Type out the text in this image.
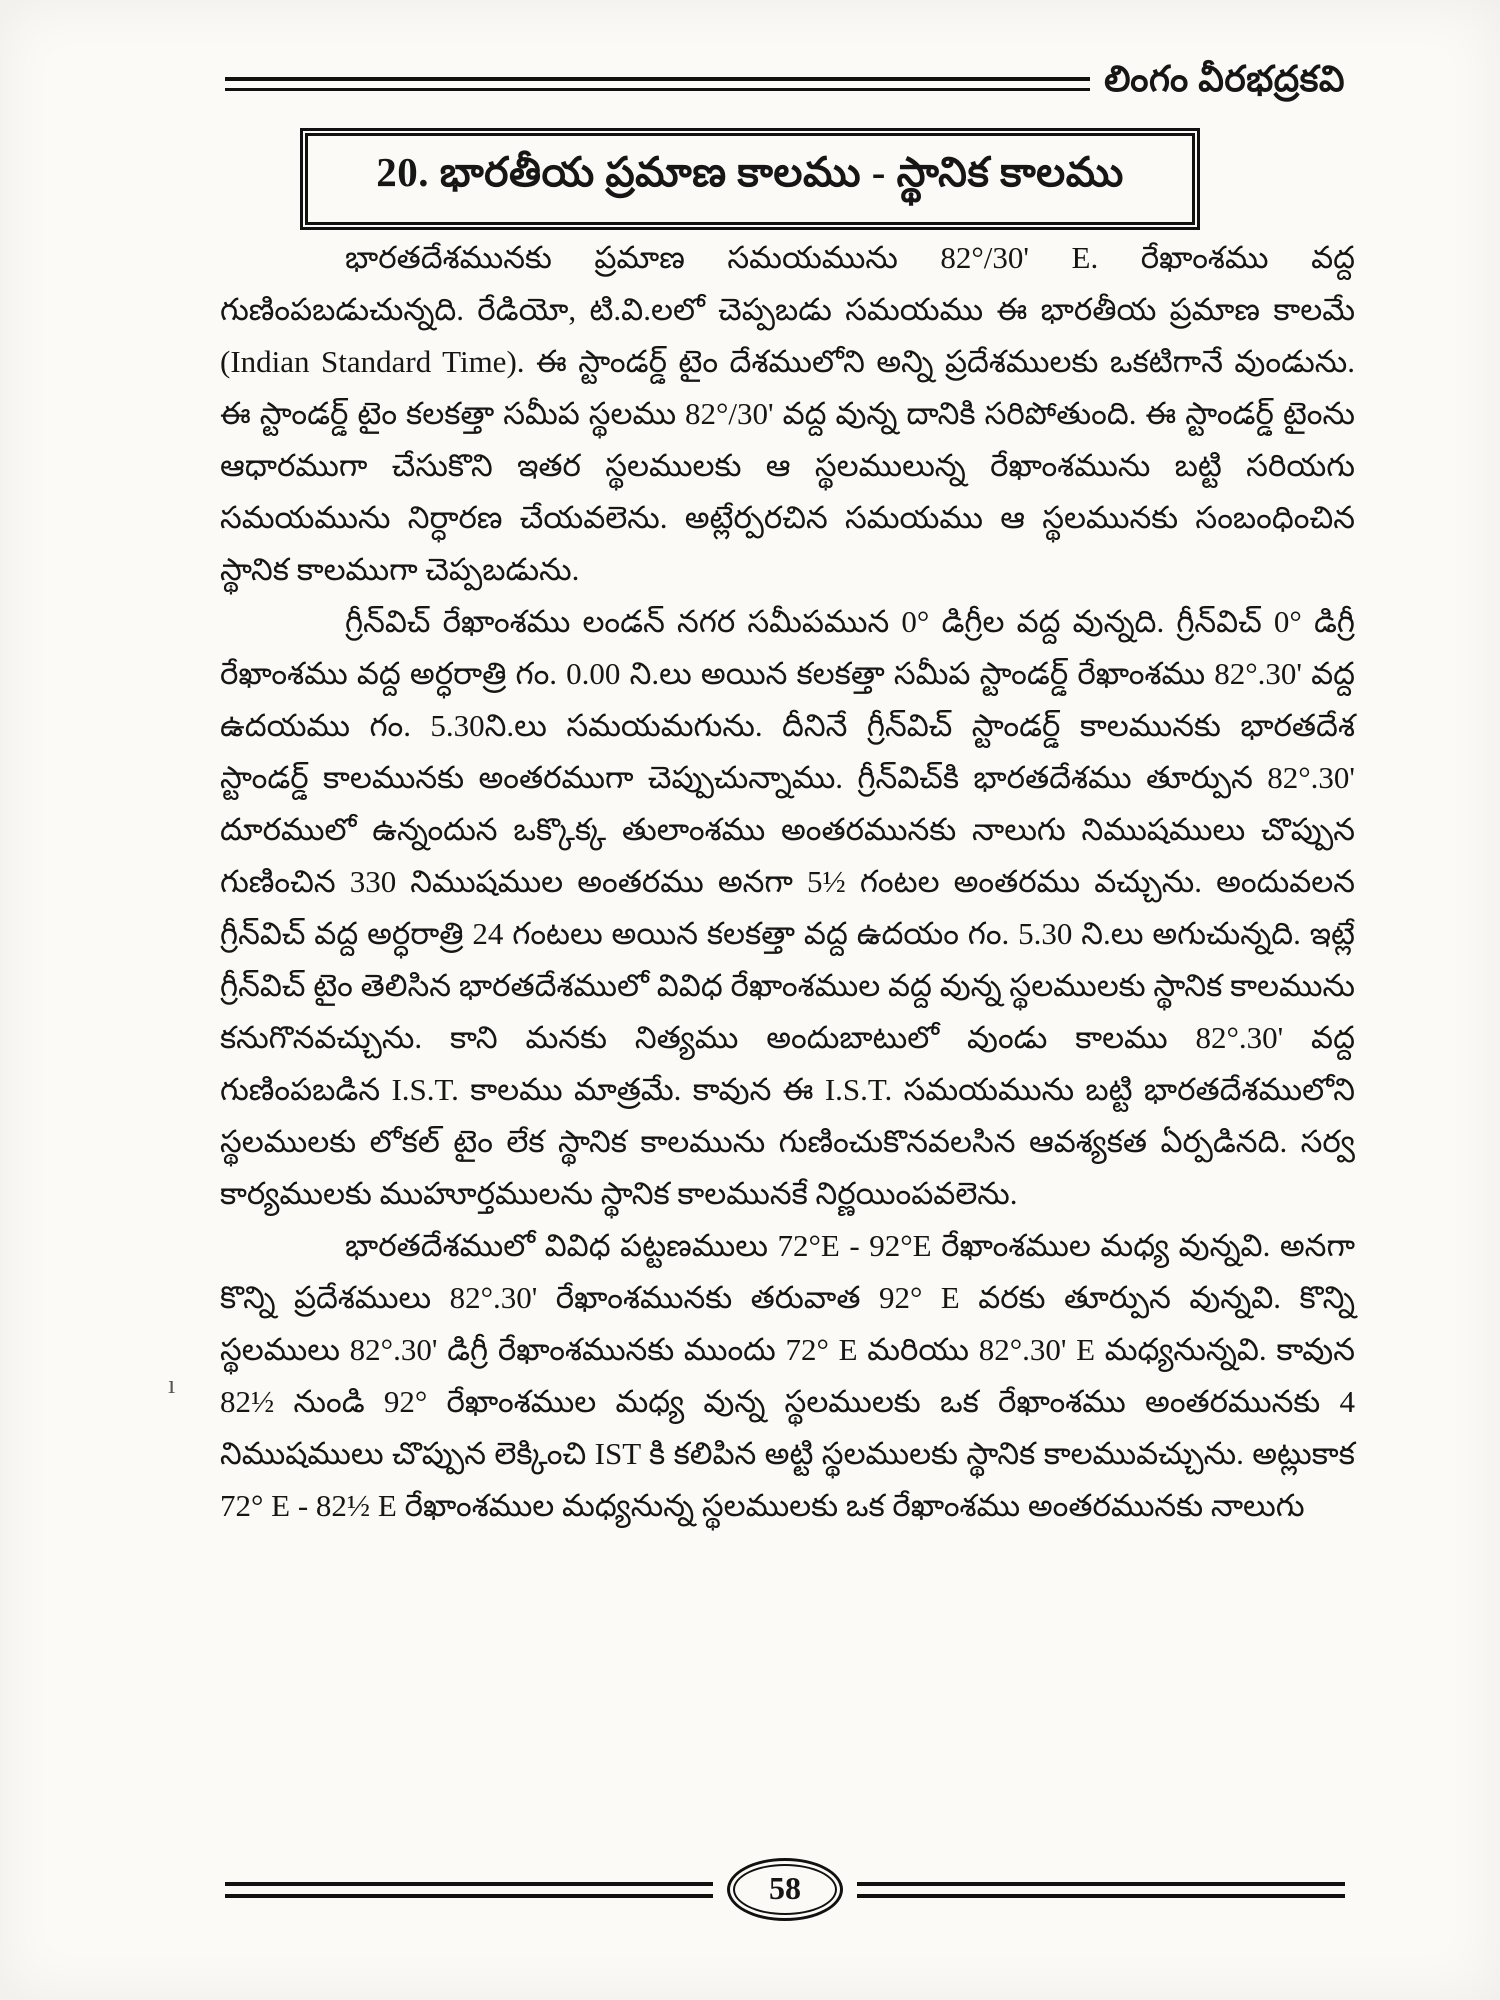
లింగం వీరభద్రకవి
20. భారతీయ ప్రమాణ కాలము - స్థానిక కాలము

భారతదేశమునకు ప్రమాణ సమయమును 82°/30' E. రేఖాంశము వద్ద గుణింపబడుచున్నది. రేడియో, టి.వి.లలో చెప్పబడు సమయము ఈ భారతీయ ప్రమాణ కాలమే (Indian Standard Time). ఈ స్టాండర్డ్ టైం దేశములోని అన్ని ప్రదేశములకు ఒకటిగానే వుండును. ఈ స్టాండర్డ్ టైం కలకత్తా సమీప స్థలము 82°/30' వద్ద వున్న దానికి సరిపోతుంది. ఈ స్టాండర్డ్ టైంను ఆధారముగా చేసుకొని ఇతర స్థలములకు ఆ స్థలములున్న రేఖాంశమును బట్టి సరియగు సమయమును నిర్ధారణ చేయవలెను. అట్లేర్పరచిన సమయము ఆ స్థలమునకు సంబంధించిన స్థానిక కాలముగా చెప్పబడును.

గ్రీన్‌విచ్ రేఖాంశము లండన్ నగర సమీపమున 0° డిగ్రీల వద్ద వున్నది. గ్రీన్‌విచ్ 0° డిగ్రీ రేఖాంశము వద్ద అర్ధరాత్రి గం. 0.00 ని.లు అయిన కలకత్తా సమీప స్టాండర్డ్ రేఖాంశము 82°.30' వద్ద ఉదయము గం. 5.30ని.లు సమయమగును. దీనినే గ్రీన్‌విచ్ స్టాండర్డ్ కాలమునకు భారతదేశ స్టాండర్డ్ కాలమునకు అంతరముగా చెప్పుచున్నాము. గ్రీన్‌విచ్‌కి భారతదేశము తూర్పున 82°.30' దూరములో ఉన్నందున ఒక్కొక్క తులాంశము అంతరమునకు నాలుగు నిముషములు చొప్పున గుణించిన 330 నిముషముల అంతరము అనగా 5½ గంటల అంతరము వచ్చును. అందువలన గ్రీన్‌విచ్ వద్ద అర్ధరాత్రి 24 గంటలు అయిన కలకత్తా వద్ద ఉదయం గం. 5.30 ని.లు అగుచున్నది. ఇట్లే గ్రీన్‌విచ్ టైం తెలిసిన భారతదేశములో వివిధ రేఖాంశముల వద్ద వున్న స్థలములకు స్థానిక కాలమును కనుగొనవచ్చును. కాని మనకు నిత్యము అందుబాటులో వుండు కాలము 82°.30' వద్ద గుణింపబడిన I.S.T. కాలము మాత్రమే. కావున ఈ I.S.T. సమయమును బట్టి భారతదేశములోని స్థలములకు లోకల్ టైం లేక స్థానిక కాలమును గుణించుకొనవలసిన ఆవశ్యకత ఏర్పడినది. సర్వ కార్యములకు ముహూర్తములను స్థానిక కాలమునకే నిర్ణయింపవలెను.

భారతదేశములో వివిధ పట్టణములు 72°E - 92°E రేఖాంశముల మధ్య వున్నవి. అనగా కొన్ని ప్రదేశములు 82°.30' రేఖాంశమునకు తరువాత 92° E వరకు తూర్పున వున్నవి. కొన్ని స్థలములు 82°.30' డిగ్రీ రేఖాంశమునకు ముందు 72° E మరియు 82°.30' E మధ్యనున్నవి. కావున 82½ నుండి 92° రేఖాంశముల మధ్య వున్న స్థలములకు ఒక రేఖాంశము అంతరమునకు 4 నిముషములు చొప్పున లెక్కించి IST కి కలిపిన అట్టి స్థలములకు స్థానిక కాలమువచ్చును. అట్లుకాక 72° E - 82½ E రేఖాంశముల మధ్యనున్న స్థలములకు ఒక రేఖాంశము అంతరమునకు నాలుగు

ı
58
